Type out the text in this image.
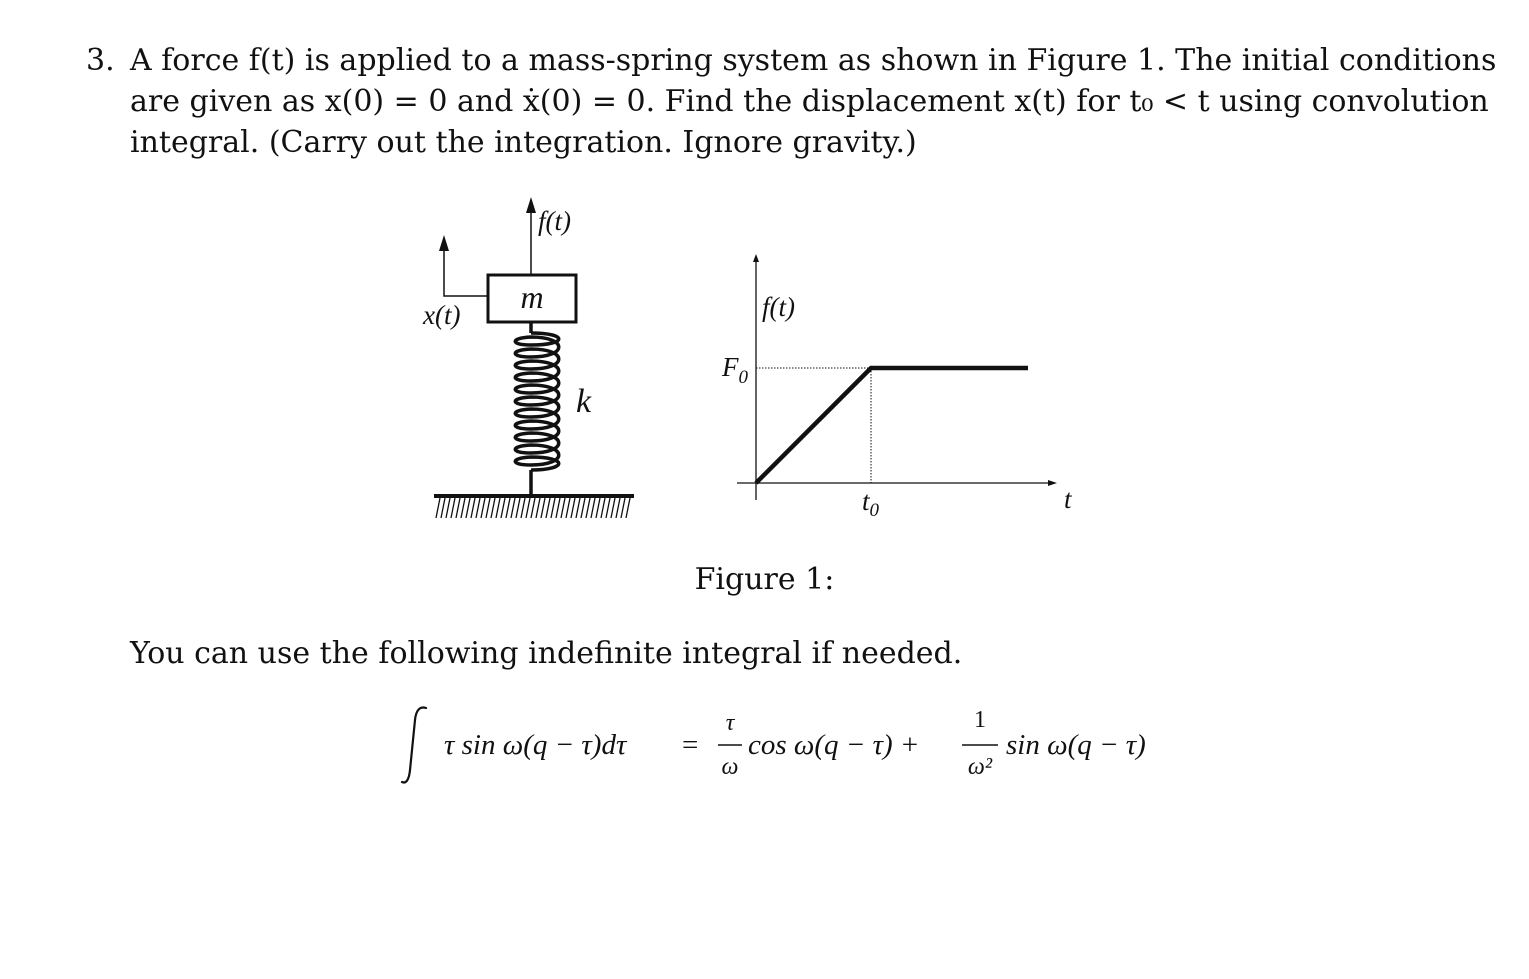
3. A force f(t) is applied to a mass-spring system as shown in Figure 1. The initial conditions
are given as x(0) = 0 and ẋ(0) = 0. Find the displacement x(t) for t₀ < t using convolution
integral. (Carry out the integration. Ignore gravity.)
f(t)
x(t) m
k
f(t)
$F_0$
$t_0$	t
Figure 1:
You can use the following indefinite integral if needed.
τ sin ω(q − τ)dτ =
τ
ω
cos ω(q − τ) +
1
ω²
sin ω(q − τ)
